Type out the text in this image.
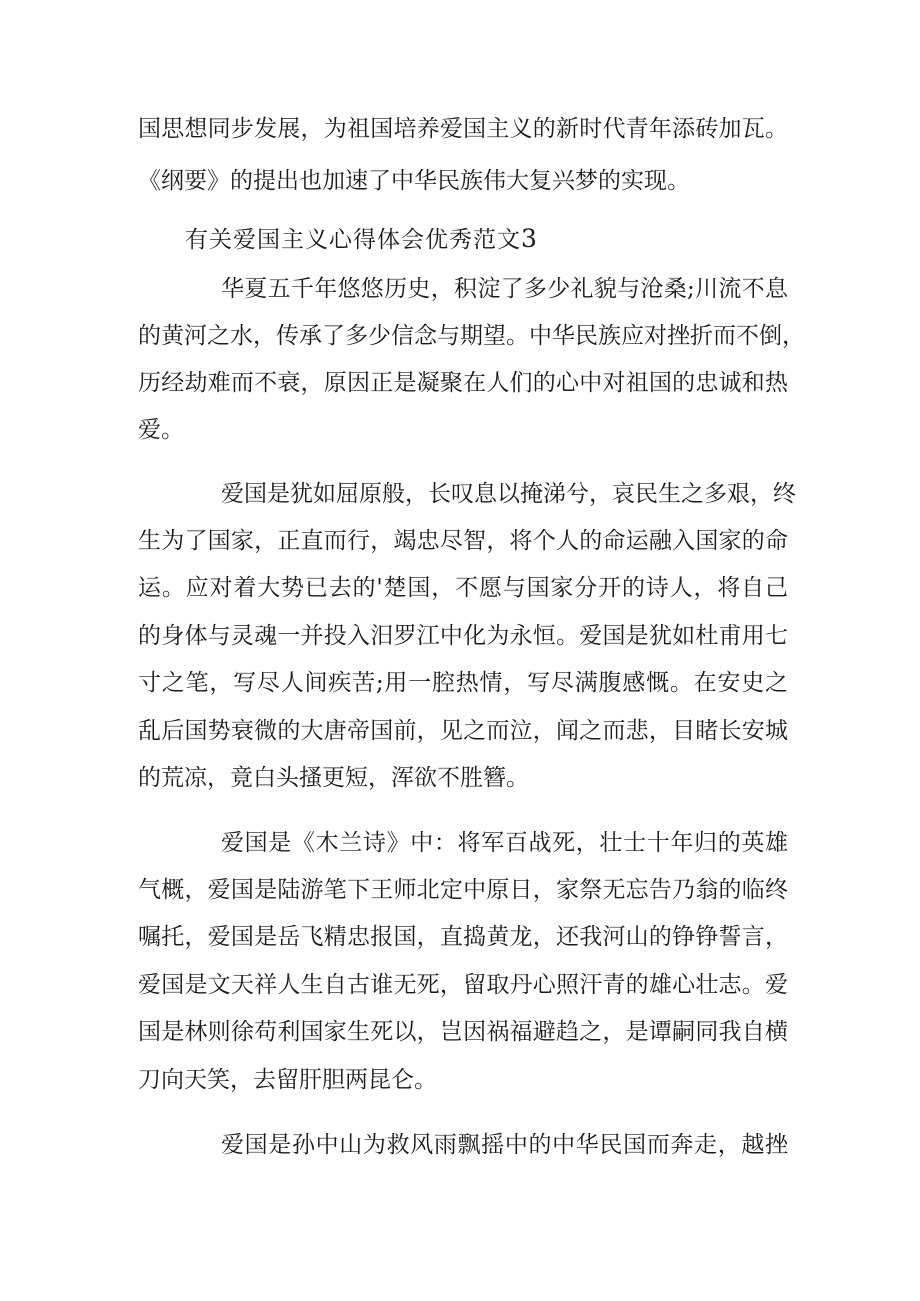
国思想同步发展，为祖国培养爱国主义的新时代青年添砖加瓦。
《纲要》的提出也加速了中华民族伟大复兴梦的实现。
有关爱国主义心得体会优秀范文3
华夏五千年悠悠历史，积淀了多少礼貌与沧桑;川流不息
的黄河之水，传承了多少信念与期望。中华民族应对挫折而不倒，
历经劫难而不衰，原因正是凝聚在人们的心中对祖国的忠诚和热
爱。
爱国是犹如屈原般，长叹息以掩涕兮，哀民生之多艰，终
生为了国家，正直而行，竭忠尽智，将个人的命运融入国家的命
运。应对着大势已去的'楚国，不愿与国家分开的诗人，将自己
的身体与灵魂一并投入汨罗江中化为永恒。爱国是犹如杜甫用七
寸之笔，写尽人间疾苦;用一腔热情，写尽满腹感慨。在安史之
乱后国势衰微的大唐帝国前，见之而泣，闻之而悲，目睹长安城
的荒凉，竟白头搔更短，浑欲不胜簪。
爱国是《木兰诗》中：将军百战死，壮士十年归的英雄
气概，爱国是陆游笔下王师北定中原日，家祭无忘告乃翁的临终
嘱托，爱国是岳飞精忠报国，直捣黄龙，还我河山的铮铮誓言，
爱国是文天祥人生自古谁无死，留取丹心照汗青的雄心壮志。爱
国是林则徐苟利国家生死以，岂因祸福避趋之，是谭嗣同我自横
刀向天笑，去留肝胆两昆仑。
爱国是孙中山为救风雨飘摇中的中华民国而奔走，越挫
